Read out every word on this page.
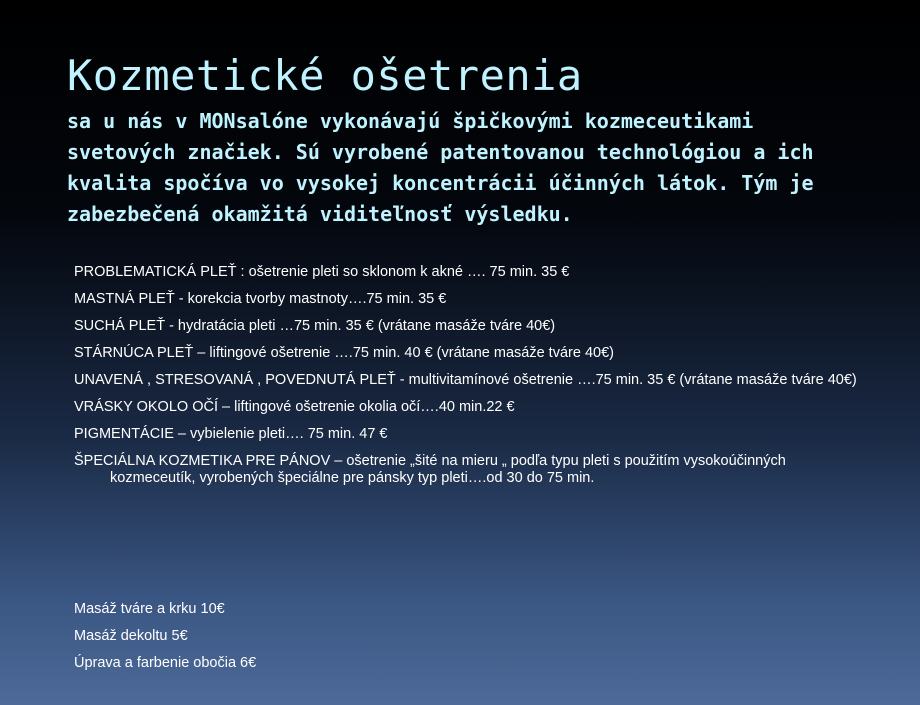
Kozmetické ošetrenia

sa u nás v MONsalóne vykonávajú špičkovými kozmeceutikami svetových značiek. Sú vyrobené patentovanou technológiou a ich kvalita spočíva vo vysokej koncentrácii účinných látok. Tým je zabezbečená okamžitá viditeľnosť výsledku.

PROBLEMATICKÁ PLEŤ : ošetrenie pleti so sklonom k akné …. 75 min. 35 €
MASTNÁ PLEŤ - korekcia tvorby mastnoty….75 min. 35 €
SUCHÁ PLEŤ - hydratácia pleti …75 min. 35 € (vrátane masáže tváre 40€)
STÁRNÚCA PLEŤ – liftingové ošetrenie ….75 min. 40 € (vrátane masáže tváre 40€)
UNAVENÁ , STRESOVANÁ , POVEDNUTÁ PLEŤ - multivitamínové ošetrenie ….75 min. 35 € (vrátane masáže tváre 40€)
VRÁSKY OKOLO OČÍ – liftingové ošetrenie okolia očí….40 min.22 €
PIGMENTÁCIE – vybielenie pleti…. 75 min. 47 €
ŠPECIÁLNA KOZMETIKA PRE PÁNOV – ošetrenie „šité na mieru „ podľa typu pleti s použitím vysokoúčinných kozmeceutík, vyrobených špeciálne pre pánsky typ pleti….od 30 do 75 min.
Masáž tváre a krku 10€
Masáž dekoltu 5€
Úprava a farbenie obočia 6€
